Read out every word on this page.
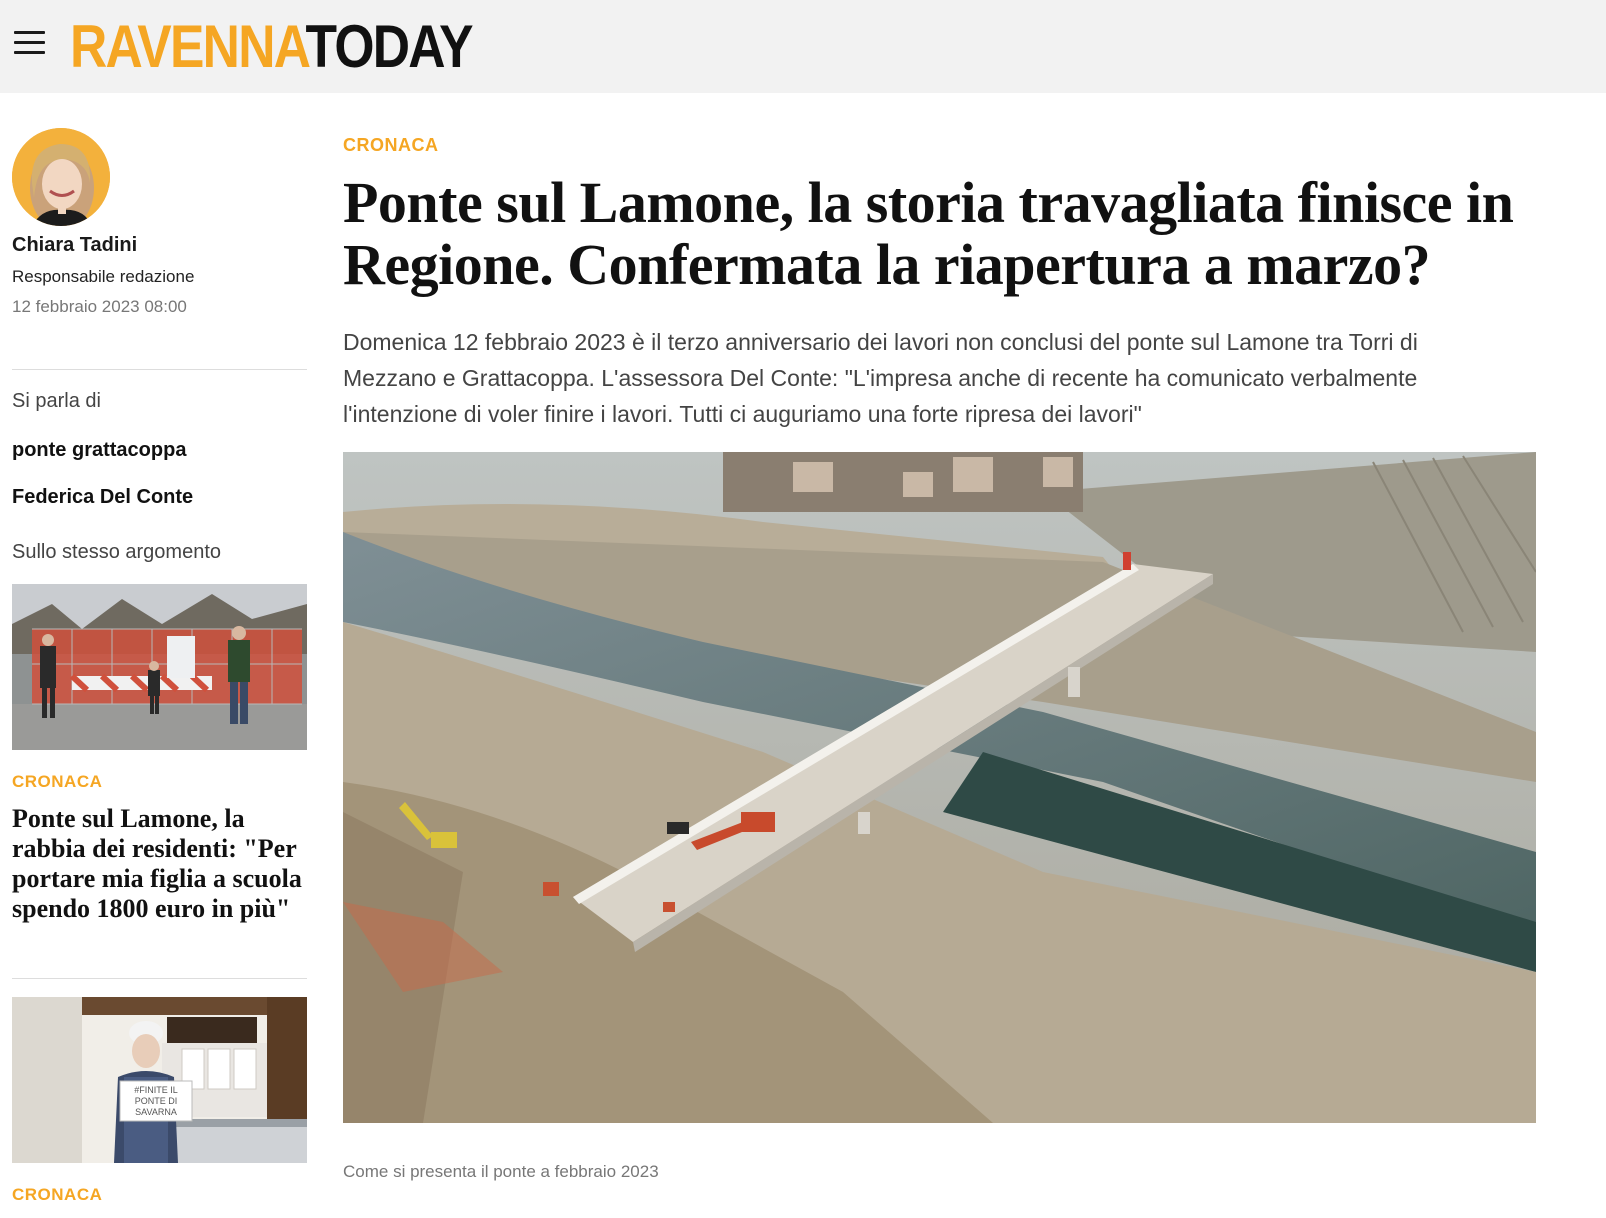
RAVENNATODAY
Chiara Tadini
Responsabile redazione
12 febbraio 2023 08:00
Si parla di
ponte grattacoppa
Federica Del Conte
Sullo stesso argomento
CRONACA
Ponte sul Lamone, la rabbia dei residenti: "Per portare mia figlia a scuola spendo 1800 euro in più"
#FINITE IL
PONTE DI
SAVARNA
CRONACA
CRONACA
Ponte sul Lamone, la storia travagliata finisce in Regione. Confermata la riapertura a marzo?

Domenica 12 febbraio 2023 è il terzo anniversario dei lavori non conclusi del ponte sul Lamone tra Torri di Mezzano e Grattacoppa. L'assessora Del Conte: "L'impresa anche di recente ha comunicato verbalmente l'intenzione di voler finire i lavori. Tutti ci auguriamo una forte ripresa dei lavori"

Come si presenta il ponte a febbraio 2023
